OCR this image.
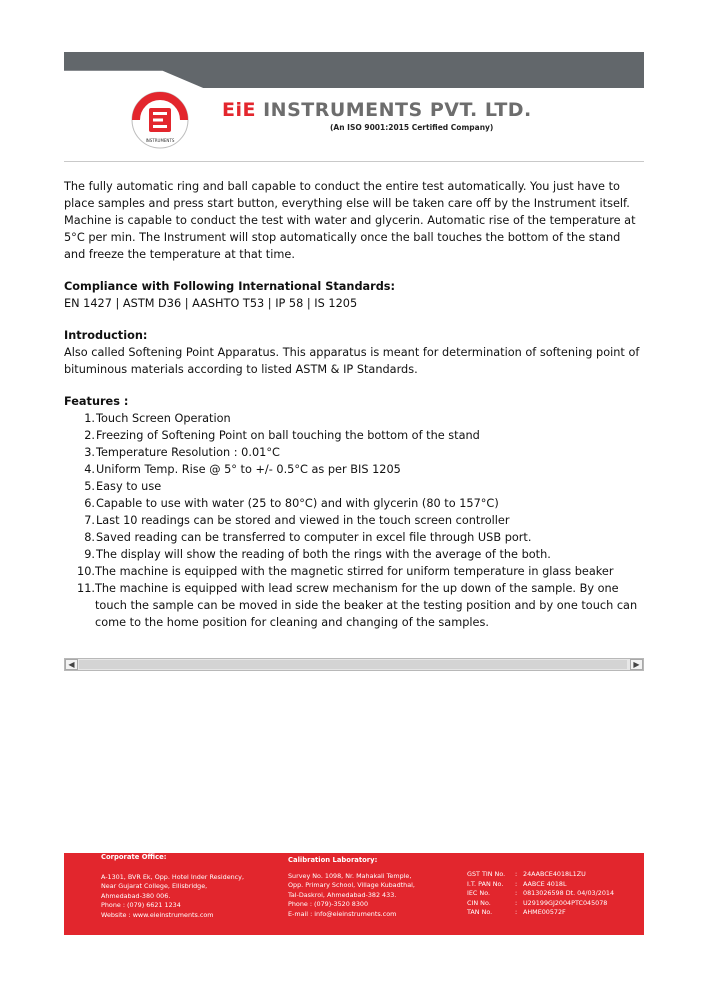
INSTRUMENTS
EiE INSTRUMENTS PVT. LTD.
(An ISO 9001:2015 Certified Company)

The fully automatic ring and ball capable to conduct the entire test automatically. You just have to place samples and press start button, everything else will be taken care off by the Instrument itself. Machine is capable to conduct the test with water and glycerin. Automatic rise of the temperature at 5°C per min. The Instrument will stop automatically once the ball touches the bottom of the stand and freeze the temperature at that time.

Compliance with Following International Standards:

EN 1427 | ASTM D36 | AASHTO T53 | IP 58 | IS 1205

Introduction:

Also called Softening Point Apparatus. This apparatus is meant for determination of softening point of bituminous materials according to listed ASTM & IP Standards.

Features :

1. Touch Screen Operation
2. Freezing of Softening Point on ball touching the bottom of the stand
3. Temperature Resolution : 0.01°C
4. Uniform Temp. Rise @ 5° to +/- 0.5°C as per BIS 1205
5. Easy to use
6. Capable to use with water (25 to 80°C) and with glycerin (80 to 157°C)
7. Last 10 readings can be stored and viewed in the touch screen controller
8. Saved reading can be transferred to computer in excel file through USB port.
9. The display will show the reading of both the rings with the average of the both.
10. The machine is equipped with the magnetic stirred for uniform temperature in glass beaker
11. The machine is equipped with lead screw mechanism for the up down of the sample. By one touch the sample can be moved in side the beaker at the testing position and by one touch can come to the home position for cleaning and changing of the samples.
◀	▶
Corporate Office:
A-1301, BVR Ek, Opp. Hotel Inder Residency,
Near Gujarat College, Ellisbridge,
Ahmedabad-380 006.
Phone : (079) 6621 1234
Website : www.eieinstruments.com
Calibration Laboratory:
Survey No. 1098, Nr. Mahakali Temple,
Opp. Primary School, Village Kubadthal,
Tal-Daskroi, Ahmedabad-382 433.
Phone : (079)-3520 8300
E-mail : info@eieinstruments.com
GST TIN No.	: 24AABCE4018L1ZU
I.T. PAN No.	: AABCE 4018L
IEC No.	: 0813026598 Dt. 04/03/2014
CIN No.	: U29199GJ2004PTC045078
TAN No.	: AHME00572F
